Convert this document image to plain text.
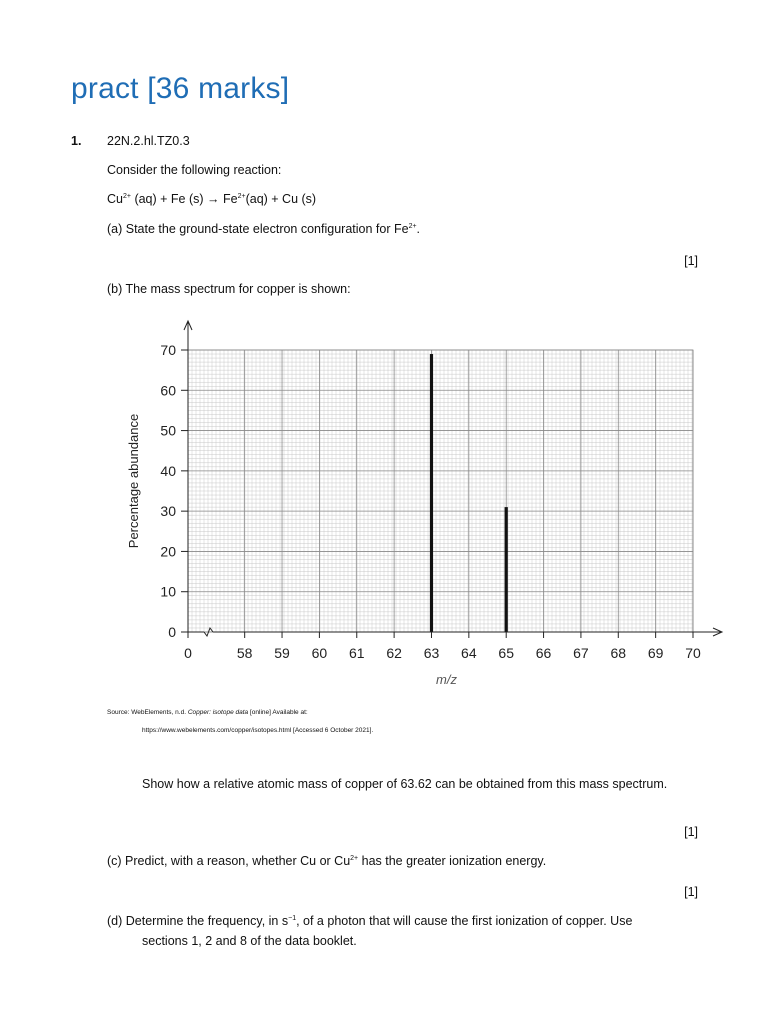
pract [36 marks]
1. 22N.2.hl.TZ0.3
Consider the following reaction:
$Cu^{2+}$ (aq) + Fe $(s) \to Fe^{2+}(aq) + Cu$ (s)
(a) State the ground-state electron configuration for $Fe^{2+}$.
[1]
(b) The mass spectrum for copper is shown:
0
10
20
30
40
50
60
70
0	58 59 60 61 62 63 64 65 66 67 68 69 70
m/z
Percentage abundance
Source: WebElements, n.d. Copper: isotope data [online] Available at:
https://www.webelements.com/copper/isotopes.html [Accessed 6 October 2021].
Show how a relative atomic mass of copper of 63.62 can be obtained from this mass spectrum.
[1]
(c) Predict, with a reason, whether Cu or $Cu^{2+}$ has the greater ionization energy.
[1]
(d) Determine the frequency, in $s^{-1}$, of a photon that will cause the first ionization of copper. Use
sections 1, 2 and 8 of the data booklet.
